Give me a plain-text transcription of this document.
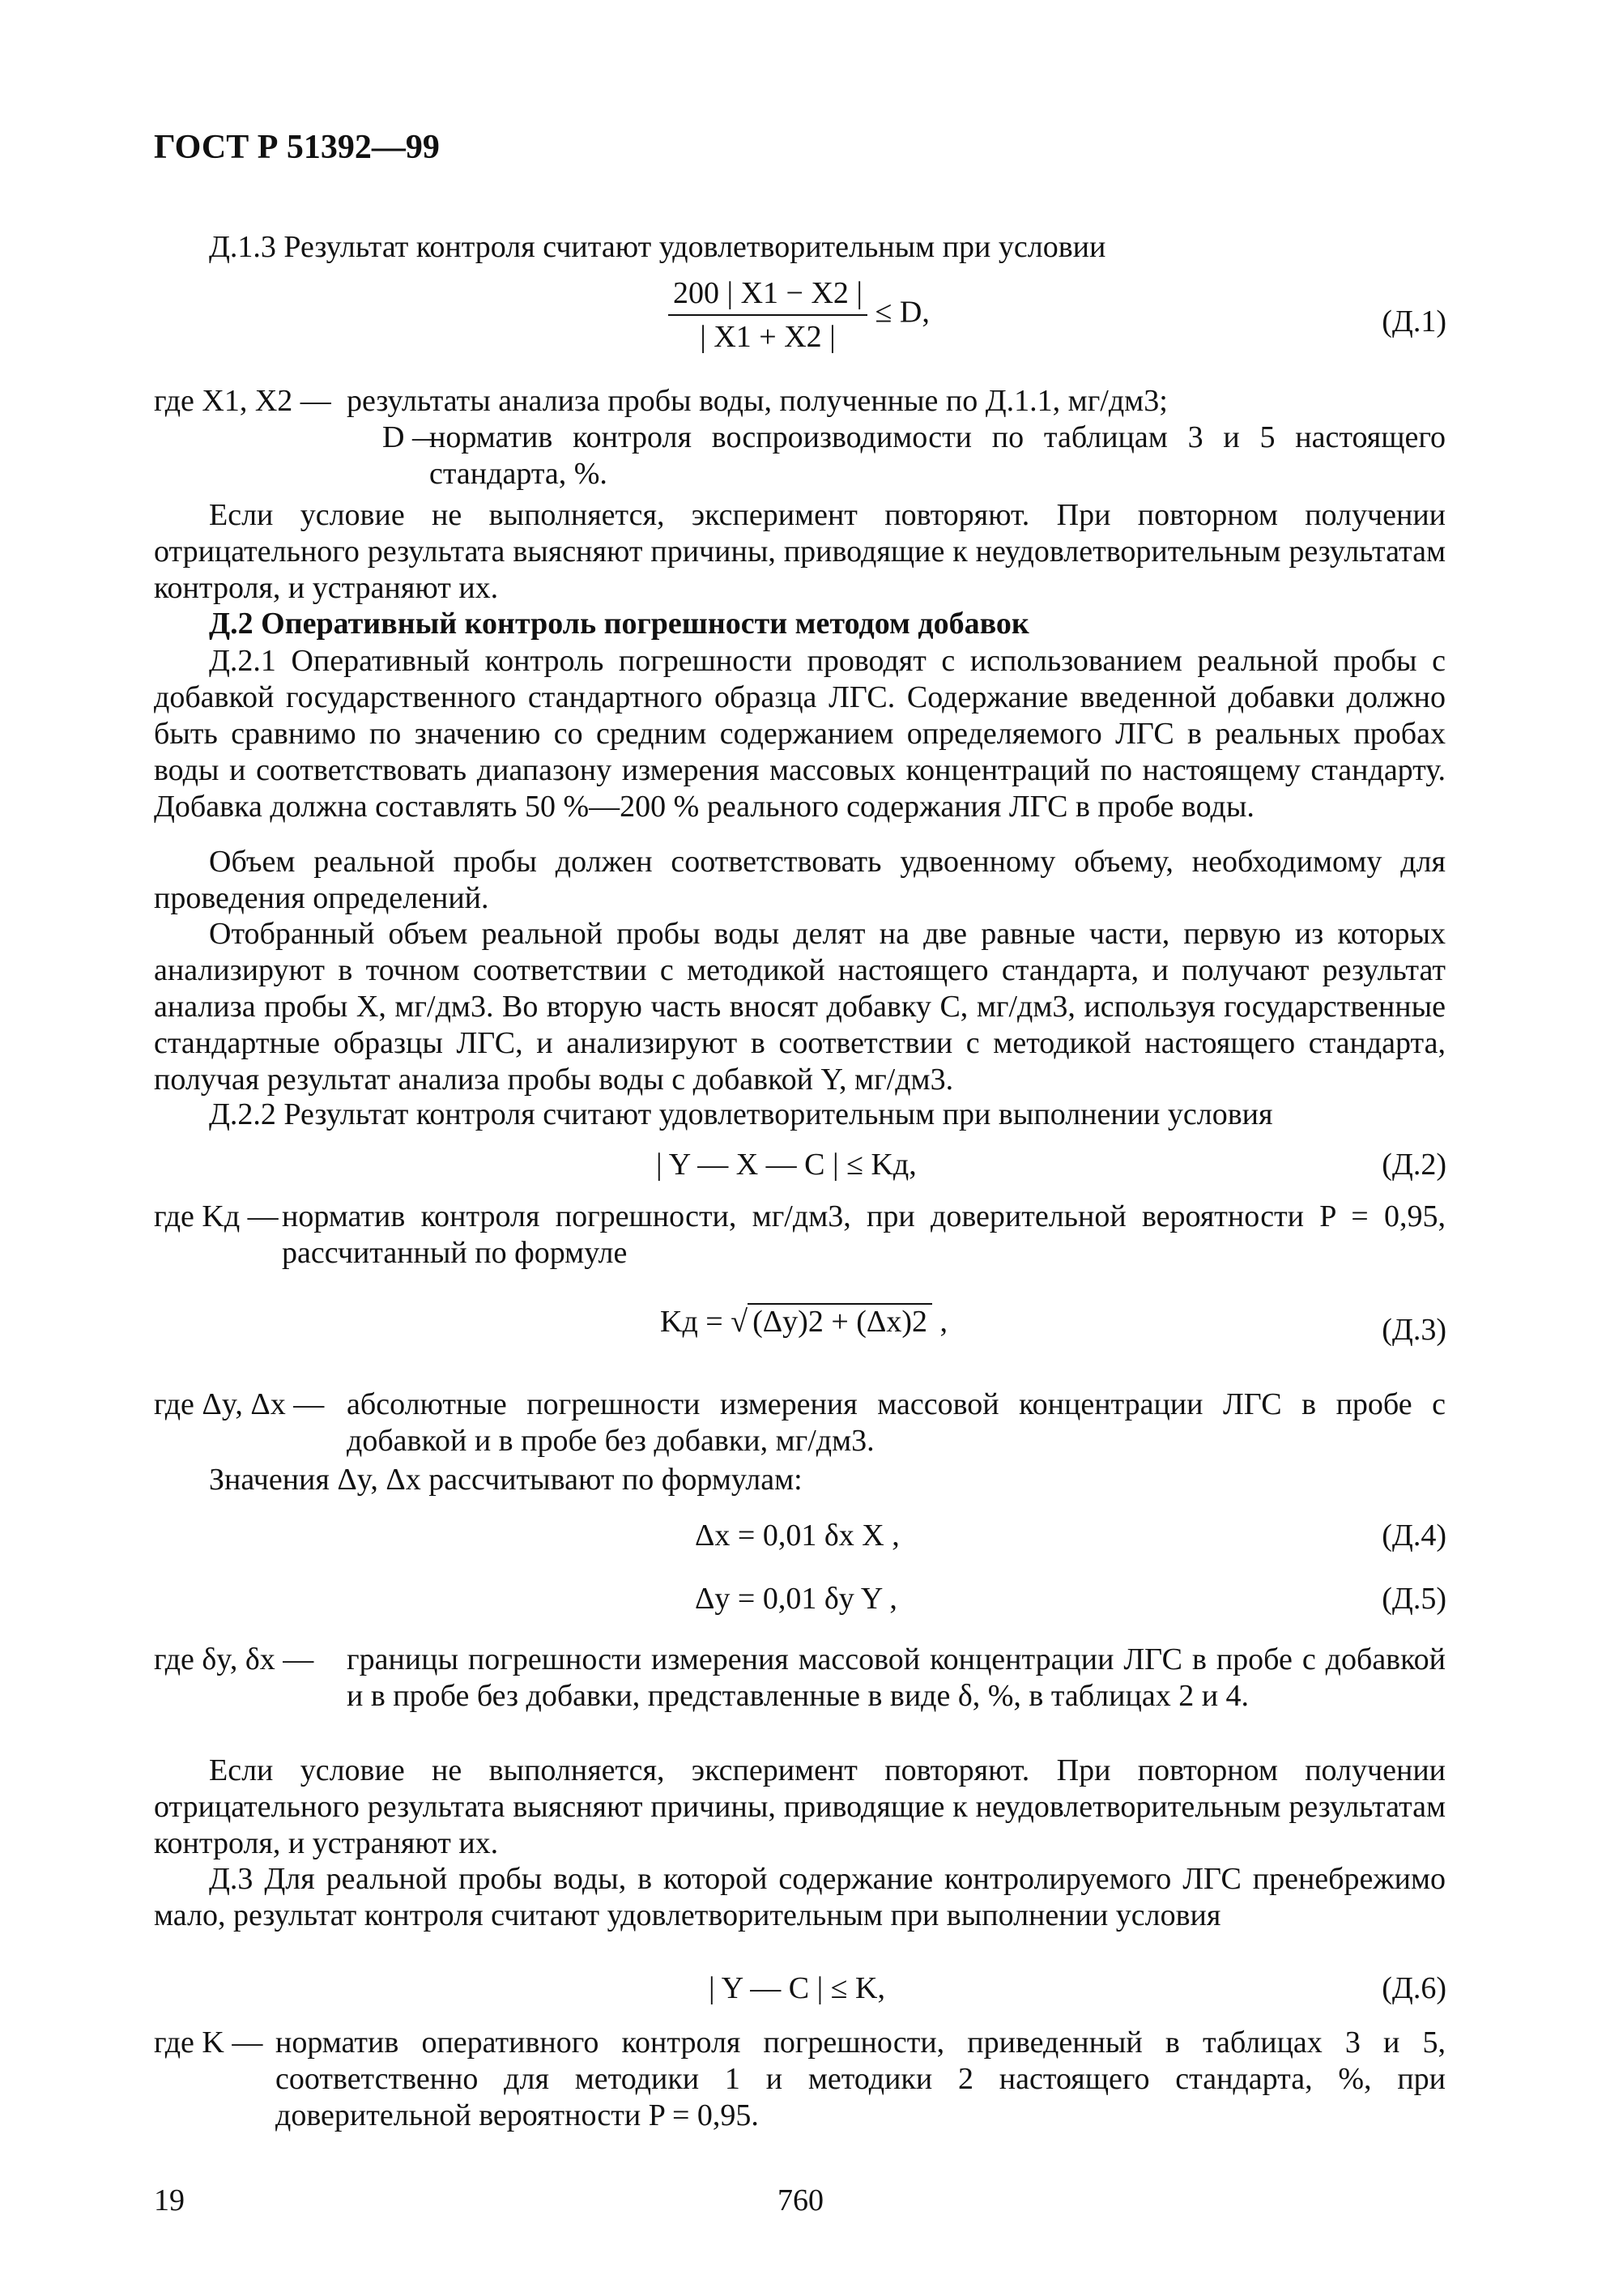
ГОСТ Р 51392—99
Д.1.3 Результат контроля считают удовлетворительным при условии
$\frac{200 | X1 - X2 |}{| X1 + X2 |} \le D$,	(Д.1)
где X1, X2 — результаты анализа пробы воды, полученные по Д.1.1, мг/дм3;
D —
норматив контроля воспроизводимости по таблицам 3 и 5 настоящего стандарта, %.
Если условие не выполняется, эксперимент повторяют. При повторном получении отрицательного результата выясняют причины, приводящие к неудовлетворительным результатам контроля, и устраняют их.
Д.2 Оперативный контроль погрешности методом добавок
Д.2.1 Оперативный контроль погрешности проводят с использованием реальной пробы с добавкой государственного стандартного образца ЛГС. Содержание введенной добавки должно быть сравнимо по значению со средним содержанием определяемого ЛГС в реальных пробах воды и соответствовать диапазону измерения массовых концентраций по настоящему стандарту. Добавка должна составлять 50 %—200 % реального содержания ЛГС в пробе воды.
Объем реальной пробы должен соответствовать удвоенному объему, необходимому для проведения определений.
Отобранный объем реальной пробы воды делят на две равные части, первую из которых анализируют в точном соответствии с методикой настоящего стандарта, и получают результат анализа пробы X, мг/дм3. Во вторую часть вносят добавку C, мг/дм3, используя государственные стандартные образцы ЛГС, и анализируют в соответствии с методикой настоящего стандарта, получая результат анализа пробы воды с добавкой Y, мг/дм3.
Д.2.2 Результат контроля считают удовлетворительным при выполнении условия
| Y — X — C | ≤ Kд,	(Д.2)
где Kд — норматив контроля погрешности, мг/дм3, при доверительной вероятности P = 0,95, рассчитанный по формуле
Kд = √ (Δy)2 + (Δx)2 ,	(Д.3)
где Δy, Δx — абсолютные погрешности измерения массовой концентрации ЛГС в пробе с добавкой и в пробе без добавки, мг/дм3.
Значения Δy, Δx рассчитывают по формулам:
Δx = 0,01 δx X ,	(Д.4)
Δy = 0,01 δy Y ,	(Д.5)
где δy, δx — границы погрешности измерения массовой концентрации ЛГС в пробе с добавкой и в пробе без добавки, представленные в виде δ, %, в таблицах 2 и 4.
Если условие не выполняется, эксперимент повторяют. При повторном получении отрицательного результата выясняют причины, приводящие к неудовлетворительным результатам контроля, и устраняют их.
Д.3 Для реальной пробы воды, в которой содержание контролируемого ЛГС пренебрежимо мало, результат контроля считают удовлетворительным при выполнении условия
| Y — C | ≤ K,	(Д.6)
где K — норматив оперативного контроля погрешности, приведенный в таблицах 3 и 5, соответственно для методики 1 и методики 2 настоящего стандарта, %, при доверительной вероятности P = 0,95.
19	760
